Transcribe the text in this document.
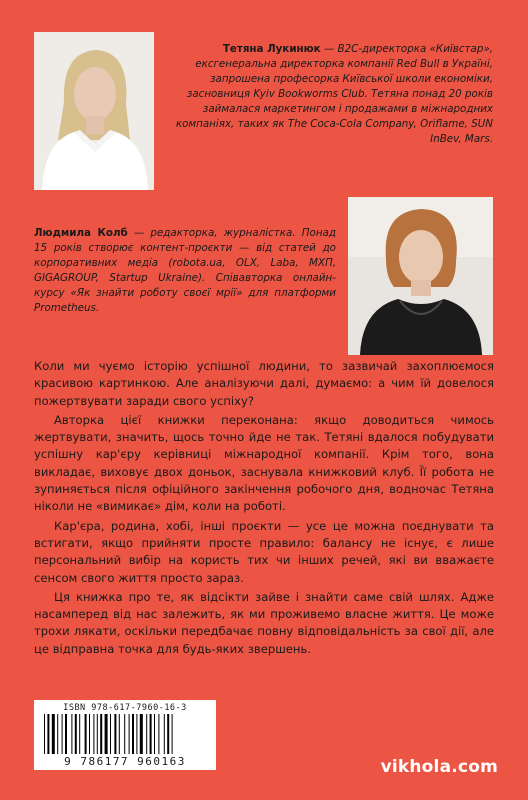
Тетяна Лукинюк — B2C-директорка «Київстар», ексгенеральна директорка компанії Red Bull в Україні, запрошена професорка Київської школи економіки, засновниця Kyiv Bookworms Club. Тетяна понад 20 років займалася маркетингом і продажами в міжнародних компаніях, таких як The Coca-Cola Company, Oriflame, SUN InBev, Mars.
Людмила Колб — редакторка, журналістка. Понад 15 років створює контент-проєкти — від статей до корпоративних медіа (robota.ua, OLX, Laba, МХП, GIGAGROUP, Startup Ukraine). Співавторка онлайн-курсу «Як знайти роботу своєї мрії» для платформи Prometheus.

Коли ми чуємо історію успішної людини, то зазвичай захоплюємося красивою картинкою. Але аналізуючи далі, думаємо: а чим їй довелося пожертвувати заради свого успіху?

Авторка цієї книжки переконана: якщо доводиться чимось жертвувати, значить, щось точно йде не так. Тетяні вдалося побудувати успішну кар'єру керівниці міжнародної компанії. Крім того, вона викладає, виховує двох доньок, заснувала книжковий клуб. Її робота не зупиняється після офіційного закінчення робочого дня, водночас Тетяна ніколи не «вимикає» дім, коли на роботі.

Кар'єра, родина, хобі, інші проєкти — усе це можна поєднувати та встигати, якщо прийняти просте правило: балансу не існує, є лише персональний вибір на користь тих чи інших речей, які ви вважаєте сенсом свого життя просто зараз.

Ця книжка про те, як відсікти зайве і знайти саме свій шлях. Адже насамперед від нас залежить, як ми проживемо власне життя. Це може трохи лякати, оскільки передбачає повну відповідальність за свої дії, але це відправна точка для будь-яких звершень.

ISBN 978-617-7960-16-3
9 786177 960163	vikhola.com
